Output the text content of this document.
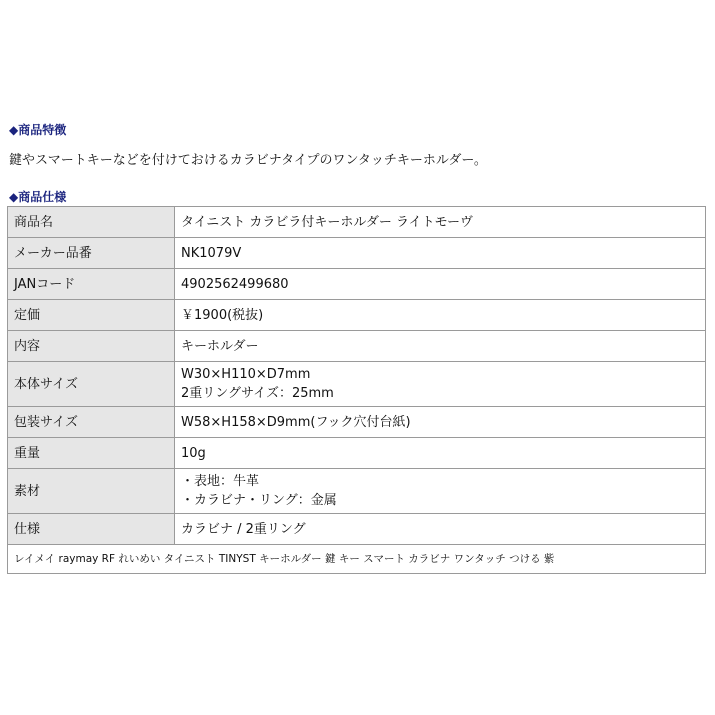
◆商品特徴
鍵やスマートキーなどを付けておけるカラビナタイプのワンタッチキーホルダー。
◆商品仕様
商品名	タイニスト カラビラ付キーホルダー ライトモーヴ
メーカー品番	NK1079V
JANコード	4902562499680
定価	￥1900(税抜)
内容	キーホルダー
本体サイズ	W30×H110×D7mm
2重リングサイズ：25mm

包装サイズ	W58×H158×D9mm(フック穴付台紙)
重量	10g
素材	・表地：牛革
・カラビナ・リング：金属

仕様	カラビナ / 2重リング
レイメイ raymay RF れいめい タイニスト TINYST キーホルダー 鍵 キー スマート カラビナ ワンタッチ つける 紫	
